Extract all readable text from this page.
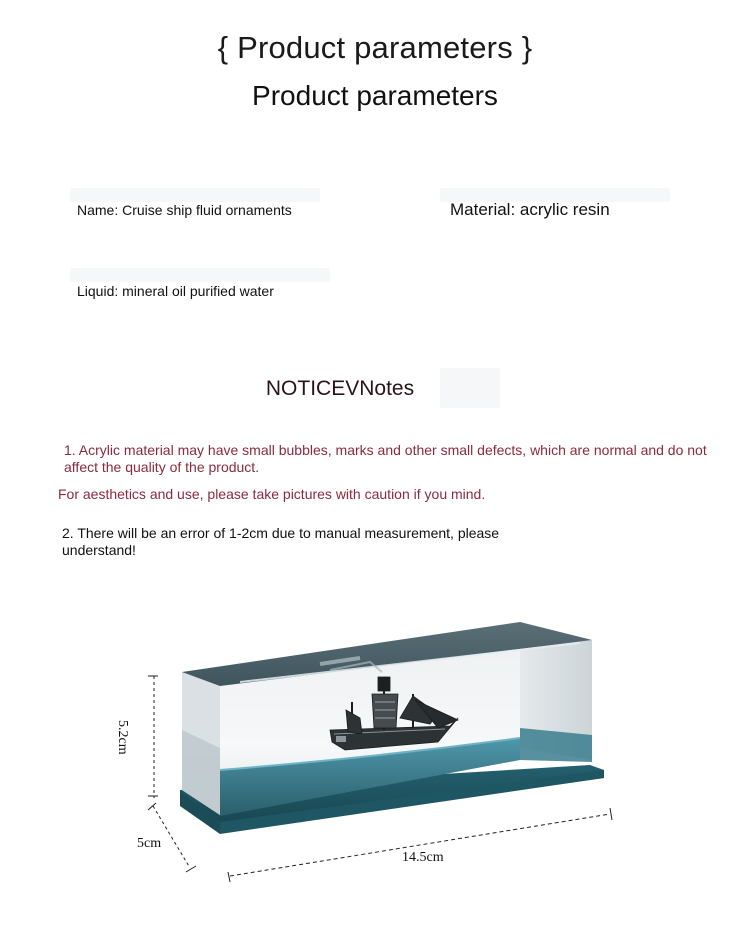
{ Product parameters }
Product parameters
Name: Cruise ship fluid ornaments	Material: acrylic resin
Liquid: mineral oil purified water
NOTICEVNotes
1. Acrylic material may have small bubbles, marks and other small defects, which are normal and do not affect the quality of the product.
For aesthetics and use, please take pictures with caution if you mind.
2. There will be an error of 1-2cm due to manual measurement, please understand!
5.2cm
5cm
14.5cm
